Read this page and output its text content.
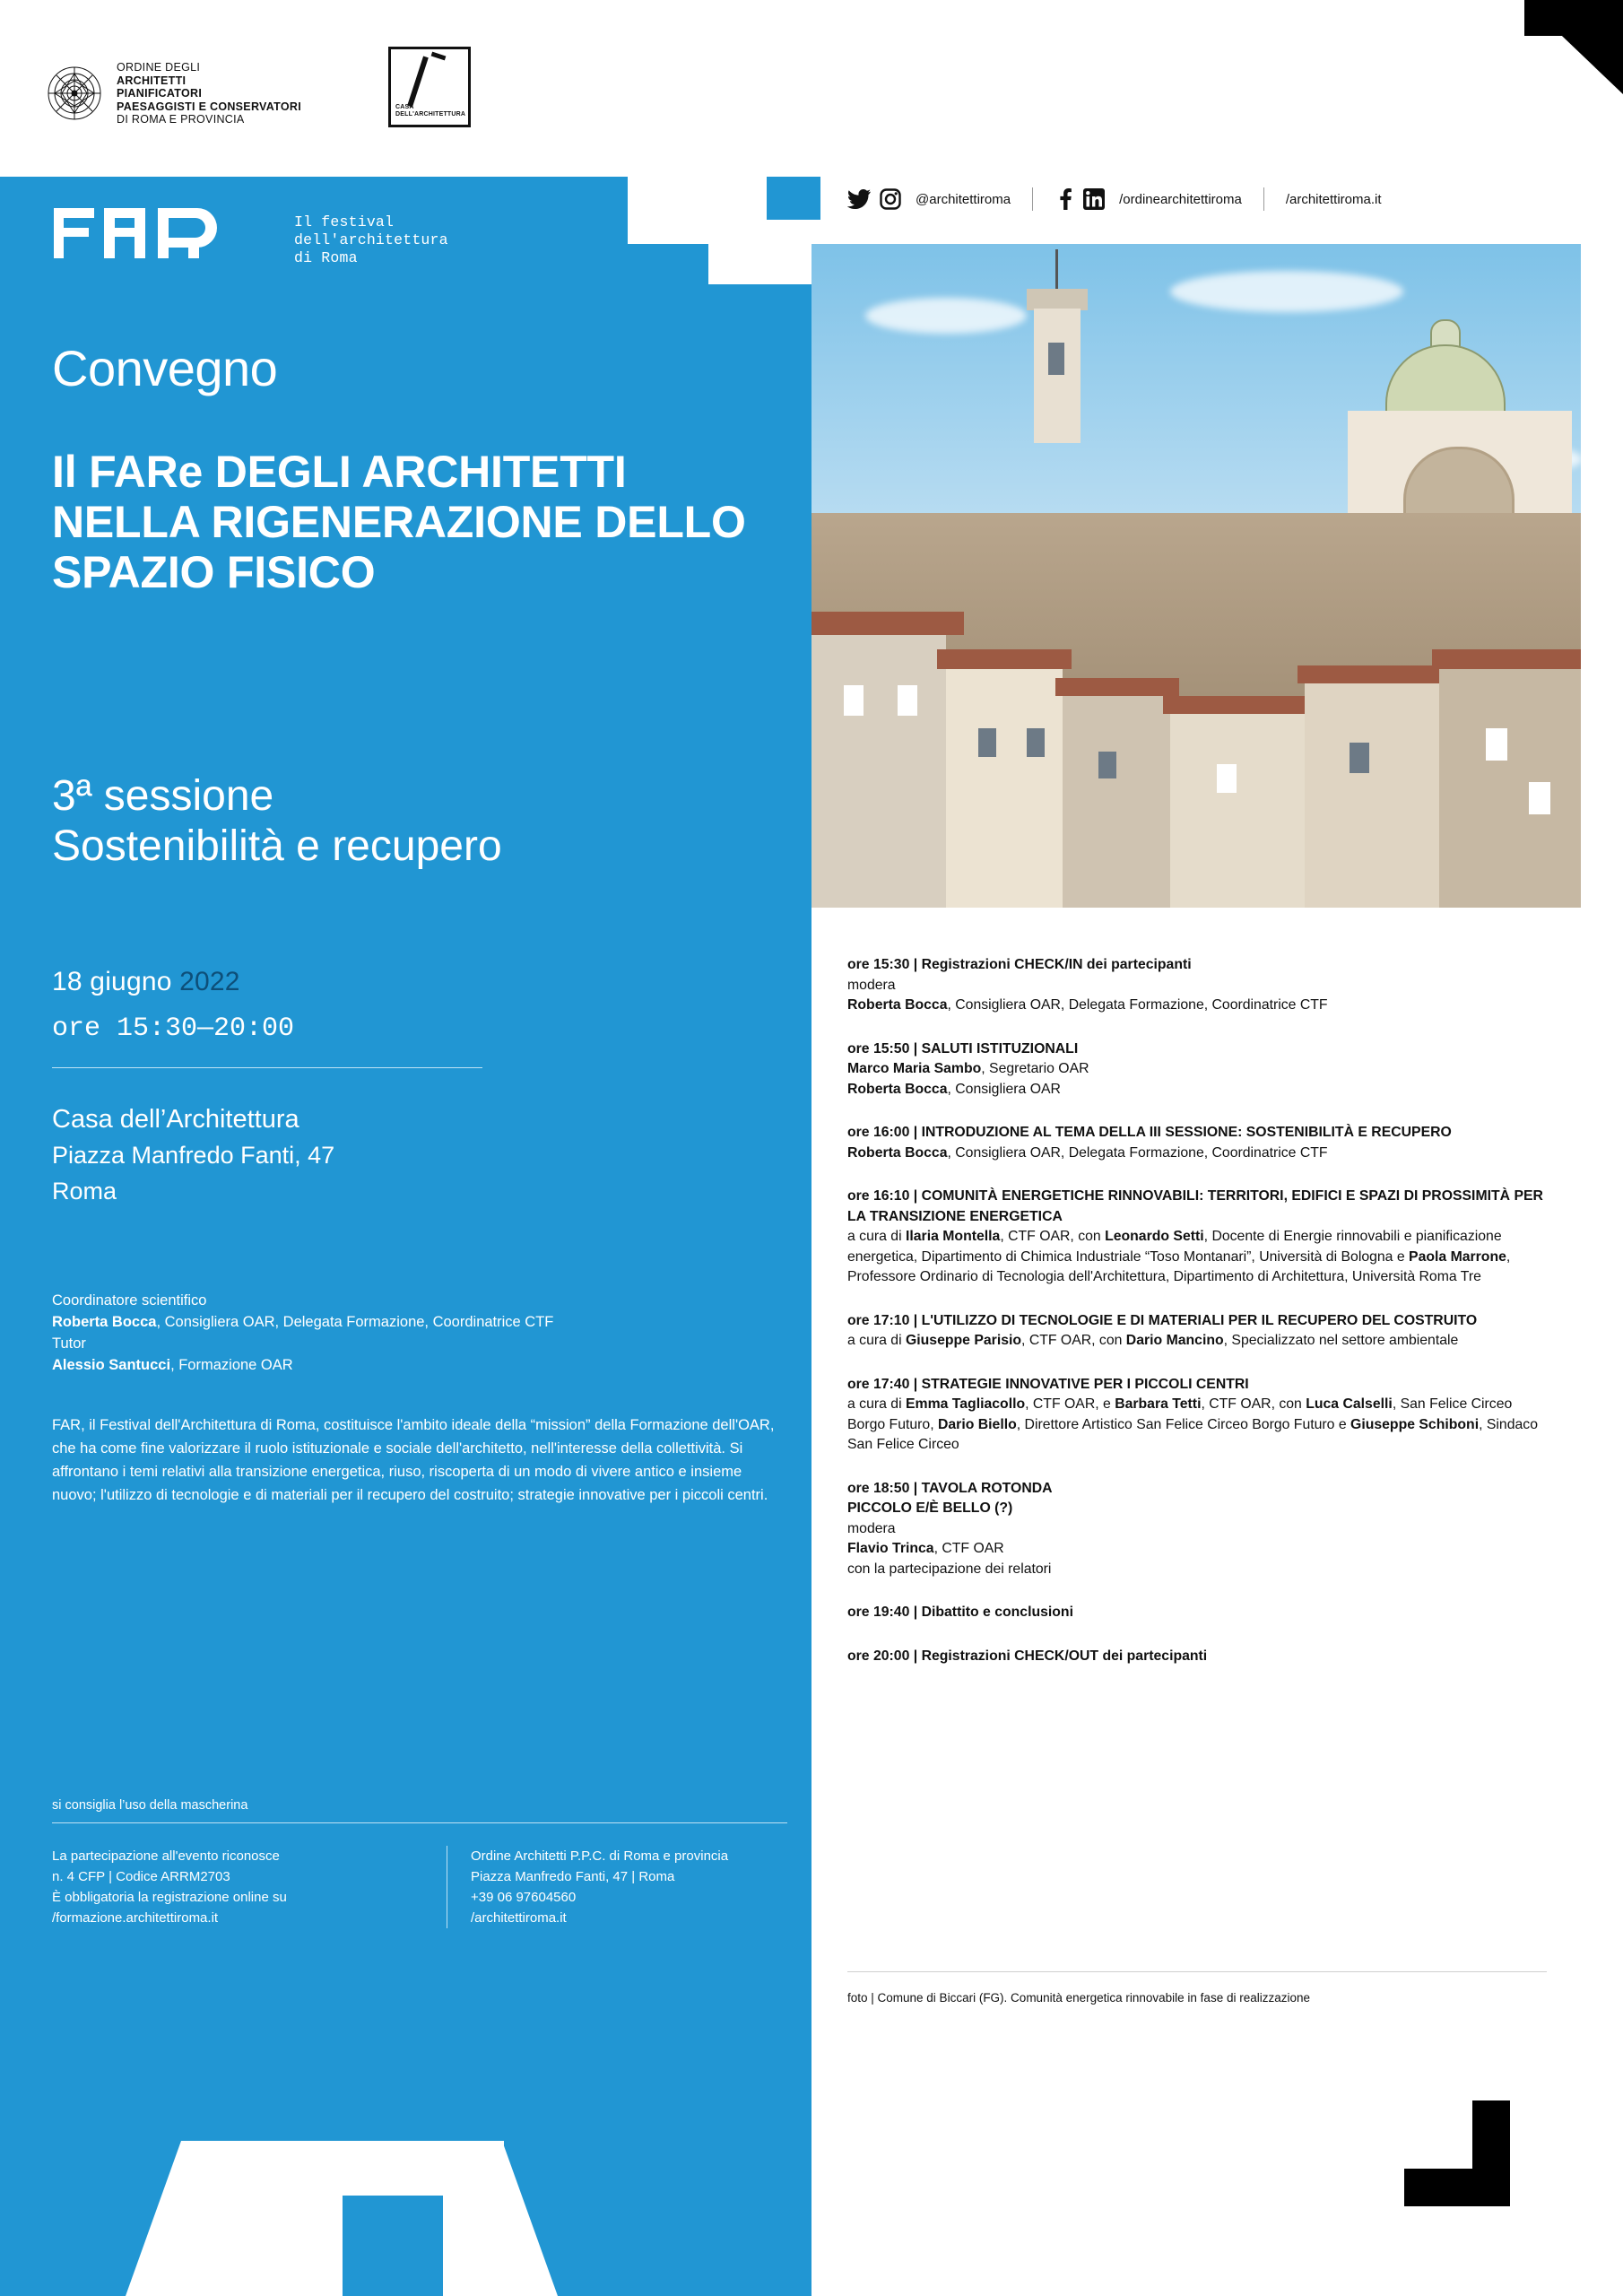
ORDINE DEGLI
ARCHITETTI
PIANIFICATORI
PAESAGGISTI E CONSERVATORI
DI ROMA E PROVINCIA
CASA
DELL'ARCHITETTURA
@architettiroma	/ordinearchitettiroma	/architettiroma.it
Il festival
dell'architettura
di Roma
Convegno
Il FARe DEGLI ARCHITETTI NELLA RIGENERAZIONE DELLO SPAZIO FISICO
3ª sessione
Sostenibilità e recupero
18 giugno 2022
ore 15:30—20:00
Casa dell’Architettura
Piazza Manfredo Fanti, 47
Roma
Coordinatore scientifico
Roberta Bocca, Consigliera OAR, Delegata Formazione, Coordinatrice CTF
Tutor
Alessio Santucci, Formazione OAR
FAR, il Festival dell'Architettura di Roma, costituisce l'ambito ideale della “mission” della Formazione dell'OAR, che ha come fine valorizzare il ruolo istituzionale e sociale dell'architetto, nell'interesse della collettività. Si affrontano i temi relativi alla transizione energetica, riuso, riscoperta di un modo di vivere antico e insieme nuovo; l'utilizzo di tecnologie e di materiali per il recupero del costruito; strategie innovative per i piccoli centri.
si consiglia l’uso della mascherina
La partecipazione all'evento riconosce
n. 4 CFP | Codice ARRM2703
È obbligatoria la registrazione online su
/formazione.architettiroma.it
Ordine Architetti P.P.C. di Roma e provincia
Piazza Manfredo Fanti, 47 | Roma
+39 06 97604560
/architettiroma.it
ore 15:30 | Registrazioni CHECK/IN dei partecipanti
modera
Roberta Bocca, Consigliera OAR, Delegata Formazione, Coordinatrice CTF
ore 15:50 | SALUTI ISTITUZIONALI
Marco Maria Sambo, Segretario OAR
Roberta Bocca, Consigliera OAR
ore 16:00 | INTRODUZIONE AL TEMA DELLA III SESSIONE: SOSTENIBILITÀ E RECUPERO
Roberta Bocca, Consigliera OAR, Delegata Formazione, Coordinatrice CTF
ore 16:10 | COMUNITÀ ENERGETICHE RINNOVABILI: TERRITORI, EDIFICI E SPAZI DI PROSSIMITÀ PER LA TRANSIZIONE ENERGETICA
a cura di Ilaria Montella, CTF OAR, con Leonardo Setti, Docente di Energie rinnovabili e pianificazione energetica, Dipartimento di Chimica Industriale “Toso Montanari”, Università di Bologna e Paola Marrone, Professore Ordinario di Tecnologia dell'Architettura, Dipartimento di Architettura, Università Roma Tre
ore 17:10 | L'UTILIZZO DI TECNOLOGIE E DI MATERIALI PER IL RECUPERO DEL COSTRUITO
a cura di Giuseppe Parisio, CTF OAR, con Dario Mancino, Specializzato nel settore ambientale
ore 17:40 | STRATEGIE INNOVATIVE PER I PICCOLI CENTRI
a cura di Emma Tagliacollo, CTF OAR, e Barbara Tetti, CTF OAR, con Luca Calselli, San Felice Circeo Borgo Futuro, Dario Biello, Direttore Artistico San Felice Circeo Borgo Futuro e Giuseppe Schiboni, Sindaco San Felice Circeo
ore 18:50 | TAVOLA ROTONDA
PICCOLO E/È BELLO (?)
modera
Flavio Trinca, CTF OAR
con la partecipazione dei relatori
ore 19:40 | Dibattito e conclusioni
ore 20:00 | Registrazioni CHECK/OUT dei partecipanti
foto | Comune di Biccari (FG). Comunità energetica rinnovabile in fase di realizzazione
